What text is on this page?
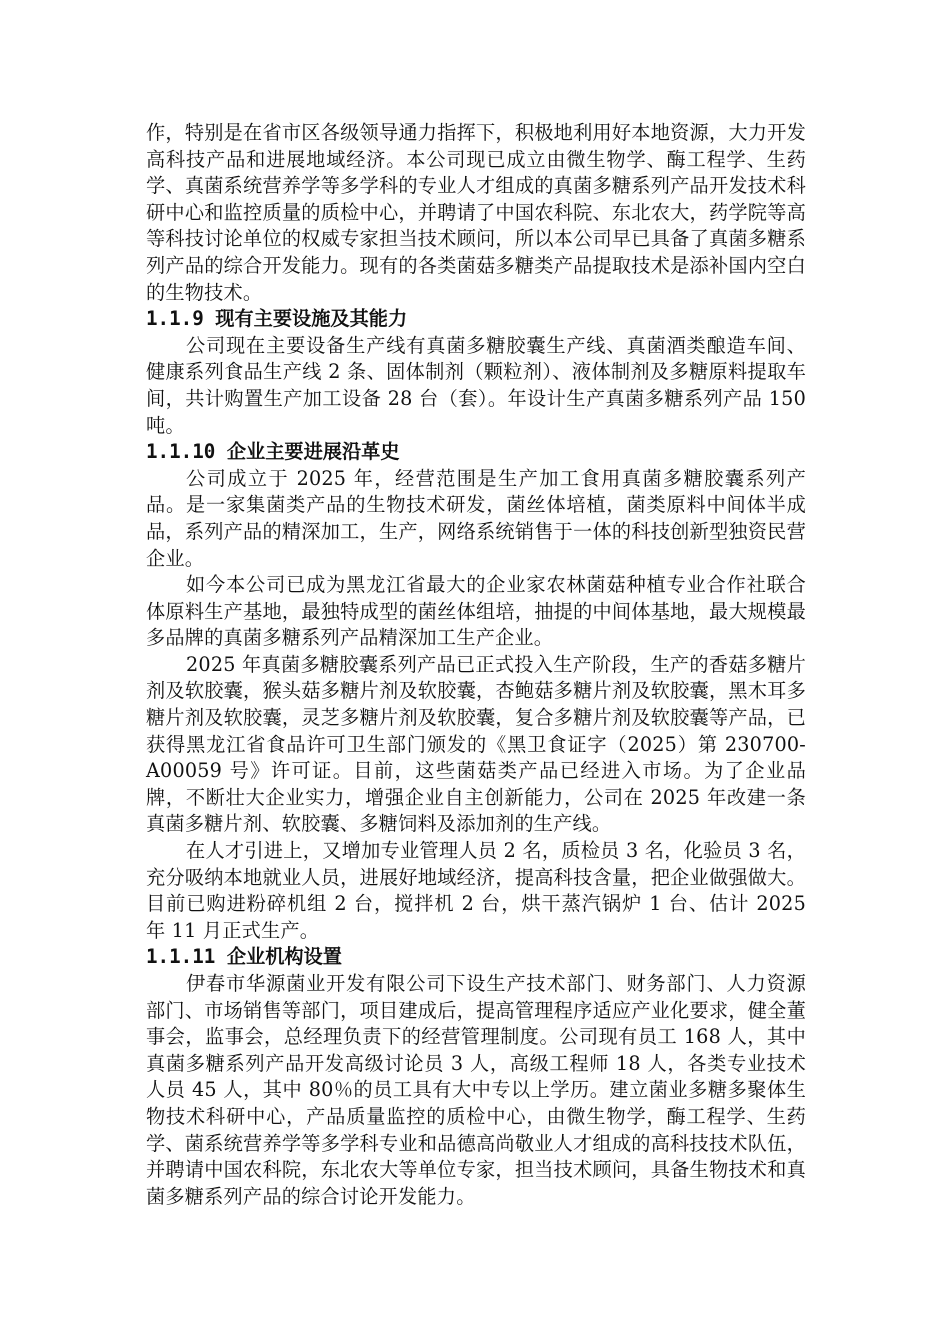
作，特别是在省市区各级领导通力指挥下，积极地利用好本地资源，大力开发高科技产品和进展地域经济。本公司现已成立由微生物学、酶工程学、生药学、真菌系统营养学等多学科的专业人才组成的真菌多糖系列产品开发技术科研中心和监控质量的质检中心，并聘请了中国农科院、东北农大，药学院等高等科技讨论单位的权威专家担当技术顾问，所以本公司早已具备了真菌多糖系列产品的综合开发能力。现有的各类菌菇多糖类产品提取技术是添补国内空白的生物技术。

1.1.9 现有主要设施及其能力

公司现在主要设备生产线有真菌多糖胶囊生产线、真菌酒类酿造车间、健康系列食品生产线 2 条、固体制剂（颗粒剂）、液体制剂及多糖原料提取车间，共计购置生产加工设备 28 台（套）。年设计生产真菌多糖系列产品 150 吨。

1.1.10 企业主要进展沿革史

公司成立于 2025 年，经营范围是生产加工食用真菌多糖胶囊系列产品。是一家集菌类产品的生物技术研发，菌丝体培植，菌类原料中间体半成品，系列产品的精深加工，生产，网络系统销售于一体的科技创新型独资民营企业。

如今本公司已成为黑龙江省最大的企业家农林菌菇种植专业合作社联合体原料生产基地，最独特成型的菌丝体组培，抽提的中间体基地，最大规模最多品牌的真菌多糖系列产品精深加工生产企业。

2025 年真菌多糖胶囊系列产品已正式投入生产阶段，生产的香菇多糖片剂及软胶囊，猴头菇多糖片剂及软胶囊，杏鲍菇多糖片剂及软胶囊，黑木耳多糖片剂及软胶囊，灵芝多糖片剂及软胶囊，复合多糖片剂及软胶囊等产品，已获得黑龙江省食品许可卫生部门颁发的《黑卫食证字（2025）第 230700-A00059 号》许可证。目前，这些菌菇类产品已经进入市场。为了企业品牌，不断壮大企业实力，增强企业自主创新能力，公司在 2025 年改建一条真菌多糖片剂、软胶囊、多糖饲料及添加剂的生产线。

在人才引进上，又增加专业管理人员 2 名，质检员 3 名，化验员 3 名，充分吸纳本地就业人员，进展好地域经济，提高科技含量，把企业做强做大。目前已购进粉碎机组 2 台，搅拌机 2 台，烘干蒸汽锅炉 1 台、估计 2025 年 11 月正式生产。

1.1.11 企业机构设置

伊春市华源菌业开发有限公司下设生产技术部门、财务部门、人力资源部门、市场销售等部门，项目建成后，提高管理程序适应产业化要求，健全董事会，监事会，总经理负责下的经营管理制度。公司现有员工 168 人，其中真菌多糖系列产品开发高级讨论员 3 人，高级工程师 18 人，各类专业技术人员 45 人，其中 80％的员工具有大中专以上学历。建立菌业多糖多聚体生物技术科研中心，产品质量监控的质检中心，由微生物学，酶工程学、生药学、菌系统营养学等多学科专业和品德高尚敬业人才组成的高科技技术队伍，并聘请中国农科院，东北农大等单位专家，担当技术顾问，具备生物技术和真菌多糖系列产品的综合讨论开发能力。
